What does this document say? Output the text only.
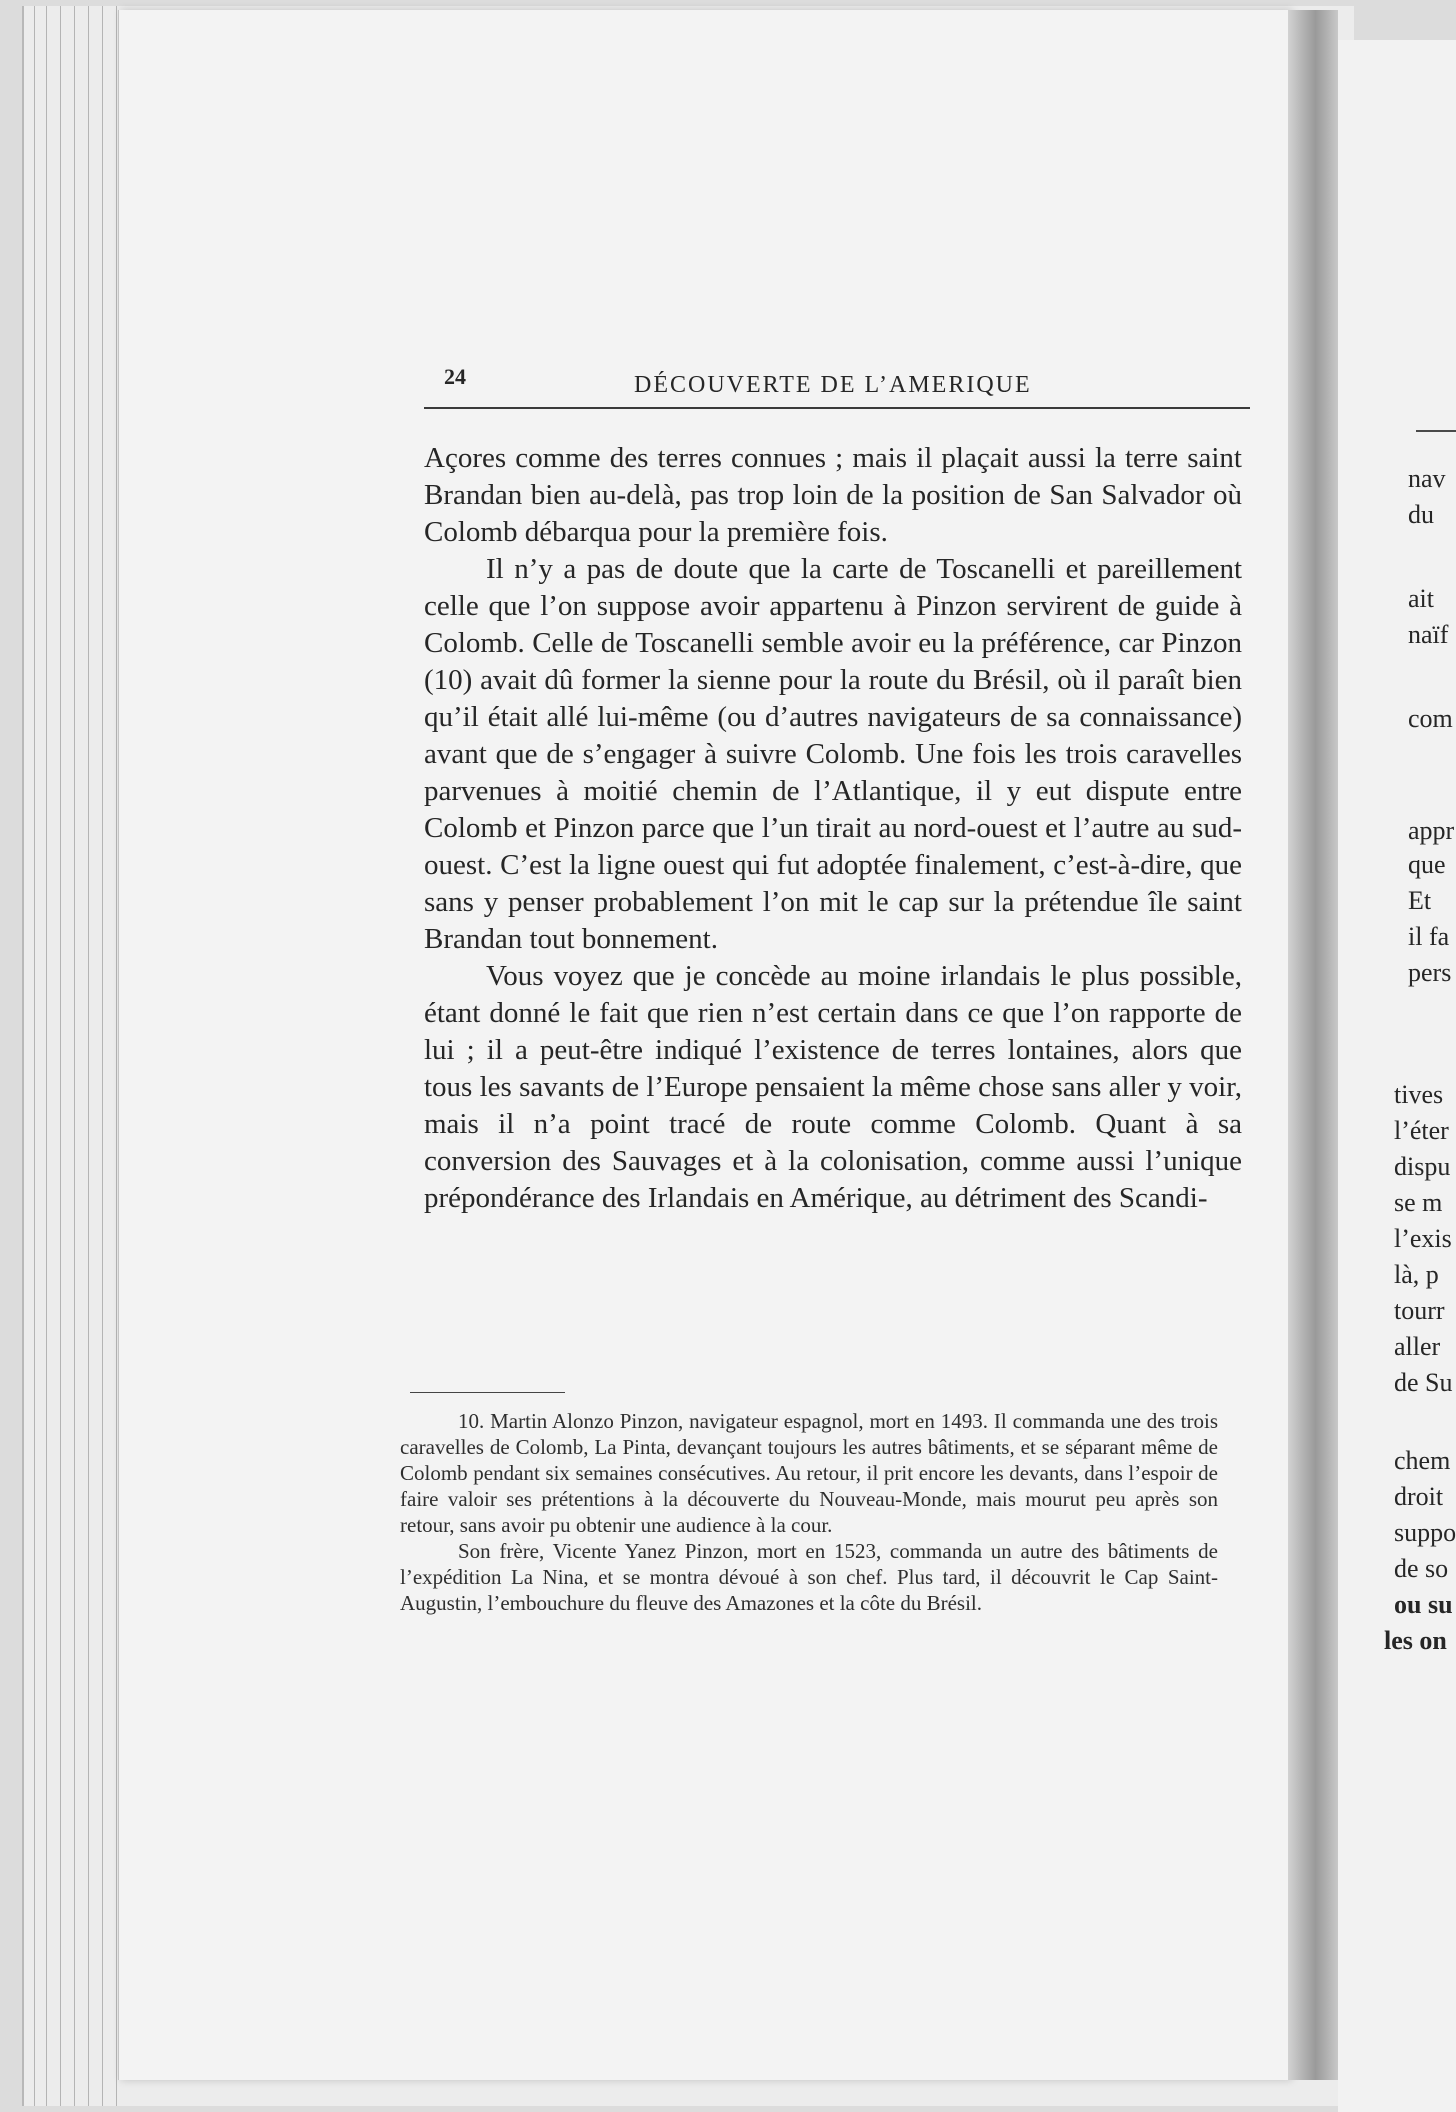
24	DÉCOUVERTE DE L’AMERIQUE

Açores comme des terres connues ; mais il plaçait aussi la terre saint Brandan bien au-delà, pas trop loin de la position de San Salvador où Colomb débarqua pour la première fois.

Il n’y a pas de doute que la carte de Toscanelli et pareillement celle que l’on suppose avoir appartenu à Pinzon servirent de guide à Colomb. Celle de Toscanelli semble avoir eu la préférence, car Pinzon (10) avait dû former la sienne pour la route du Brésil, où il paraît bien qu’il était allé lui-même (ou d’autres navigateurs de sa connaissance) avant que de s’engager à suivre Colomb. Une fois les trois caravelles parvenues à moitié chemin de l’Atlantique, il y eut dispute entre Colomb et Pinzon parce que l’un tirait au nord-ouest et l’autre au sud-ouest. C’est la ligne ouest qui fut adoptée finalement, c’est-à-dire, que sans y penser probablement l’on mit le cap sur la prétendue île saint Brandan tout bonnement.

Vous voyez que je concède au moine irlandais le plus possible, étant donné le fait que rien n’est certain dans ce que l’on rapporte de lui ; il a peut-être indiqué l’existence de terres lontaines, alors que tous les savants de l’Europe pensaient la même chose sans aller y voir, mais il n’a point tracé de route comme Colomb. Quant à sa conversion des Sauvages et à la colonisation, comme aussi l’unique prépondérance des Irlandais en Amérique, au détriment des Scandi-

10. Martin Alonzo Pinzon, navigateur espagnol, mort en 1493. Il commanda une des trois caravelles de Colomb, La Pinta, devançant toujours les autres bâtiments, et se séparant même de Colomb pendant six semaines consécutives. Au retour, il prit encore les devants, dans l’espoir de faire valoir ses prétentions à la découverte du Nouveau-Monde, mais mourut peu après son retour, sans avoir pu obtenir une audience à la cour.

Son frère, Vicente Yanez Pinzon, mort en 1523, commanda un autre des bâtiments de l’expédition La Nina, et se montra dévoué à son chef. Plus tard, il découvrit le Cap Saint-Augustin, l’embouchure du fleuve des Amazones et la côte du Brésil.

nav
du
ait
naïf
com
appr
que
Et
il fa
pers
tives
l’éter
dispu
se m
l’exis
là, p
tourr
aller
de Su
chem
droit
suppo
de so
ou su
les on
